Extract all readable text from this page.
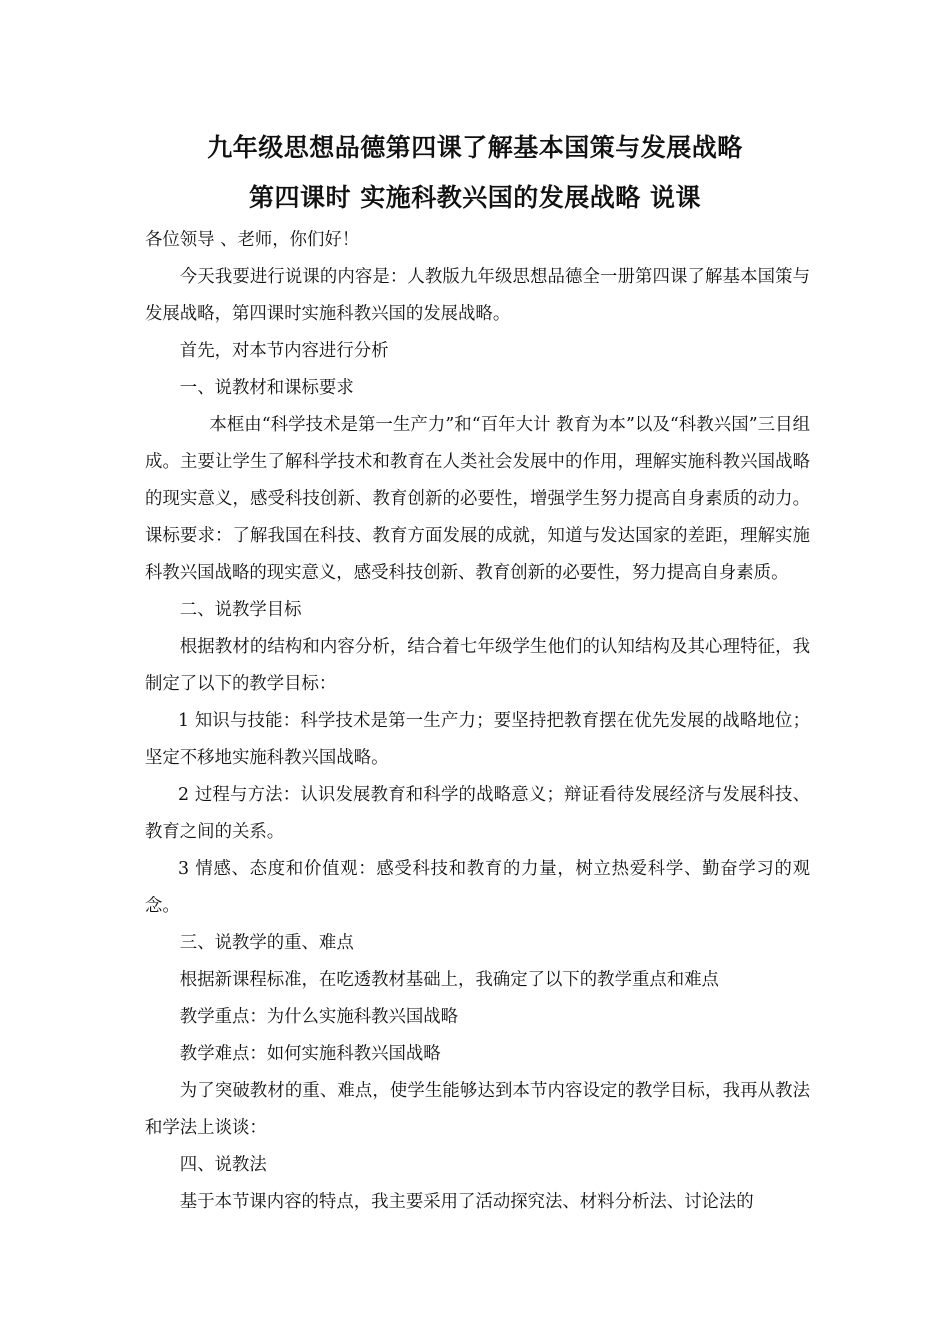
九年级思想品德第四课了解基本国策与发展战略
第四课时 实施科教兴国的发展战略 说课

各位领导 、老师，你们好！

今天我要进行说课的内容是：人教版九年级思想品德全一册第四课了解基本国策与发展战略，第四课时实施科教兴国的发展战略。

首先，对本节内容进行分析

一、说教材和课标要求

本框由“科学技术是第一生产力”和“百年大计 教育为本”以及“科教兴国”三目组成。主要让学生了解科学技术和教育在人类社会发展中的作用，理解实施科教兴国战略的现实意义，感受科技创新、教育创新的必要性，增强学生努力提高自身素质的动力。课标要求：了解我国在科技、教育方面发展的成就，知道与发达国家的差距，理解实施科教兴国战略的现实意义，感受科技创新、教育创新的必要性，努力提高自身素质。

二、说教学目标

根据教材的结构和内容分析，结合着七年级学生他们的认知结构及其心理特征，我制定了以下的教学目标：

1 知识与技能：科学技术是第一生产力；要坚持把教育摆在优先发展的战略地位；坚定不移地实施科教兴国战略。

2 过程与方法：认识发展教育和科学的战略意义；辩证看待发展经济与发展科技、教育之间的关系。

3 情感、态度和价值观：感受科技和教育的力量，树立热爱科学、勤奋学习的观念。

三、说教学的重、难点

根据新课程标准，在吃透教材基础上，我确定了以下的教学重点和难点

教学重点：为什么实施科教兴国战略

教学难点：如何实施科教兴国战略

为了突破教材的重、难点，使学生能够达到本节内容设定的教学目标，我再从教法和学法上谈谈：

四、说教法

基于本节课内容的特点，我主要采用了活动探究法、材料分析法、讨论法的
